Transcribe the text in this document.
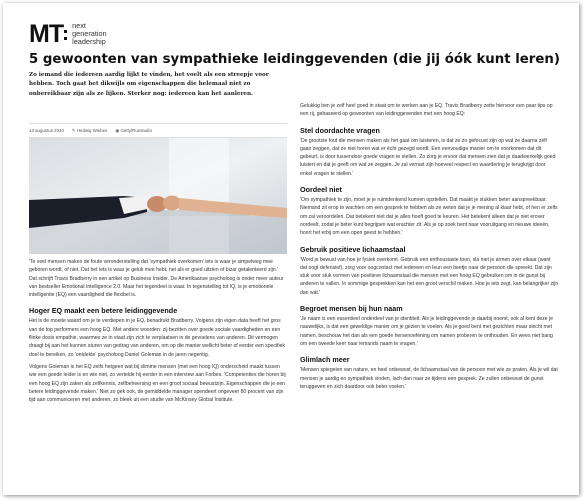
MT	next
generation
leadership
5 gewoonten van sympathieke leidinggevenden (die jij óók kunt leren)
Zo iemand die iedereen aardig lijkt te vinden, het voelt als een streepje voor hebben. Toch gaat het dikwijls om eigenschappen die helemaal niet zo onbereikbaar zijn als ze lijken. Sterker nog: iedereen kan het aanleren.
13 augustus 2020 ✎ Hedwig Wiebes ◉ Getty/Runstudio

'Te veel mensen maken de foute veronderstelling dat 'sympathiek overkomen' iets is waar je simpelweg mee geboren wordt, of niet. Dat het iets is waar je geluk mee hebt, net als er goed uitzien of bizar getalenteerd zijn.' Dat schrijft Travis Bradberry in een artikel op Business Insider. De Amerikaanse psycholoog is onder meer auteur van bestseller Emotional Intelligence 2.0. Maar het tegendeel is waar. In tegenstelling tot IQ, is je emotionele intelligentie (EQ) een vaardigheid die flexibel is.

Hoger EQ maakt een betere leidinggevende

Het is de moeite waard om je te verdiepen in je EQ, benadrukt Bradberry. Volgens zijn eigen data heeft het gros van de top performers een hoog EQ. Met andere woorden: zij bezitten over goede sociale vaardigheden en een flinke dosis empathie, waarmee ze in staat zijn zich te verplaatsen in de gevoelens van anderen. Dit vermogen draagt bij aan het kunnen sturen van gedrag van anderen, om op die manier wellicht beter of eerder een specifiek doel te bereiken, zo 'ontdekte' psycholoog Daniel Goleman in de jaren negentig.

Volgens Goleman is het EQ zelfs hetgeen wat bij slimme mensen (met een hoog IQ) onderscheid maakt tussen wie een goede leider is en wie niet, zo vertelde hij eerder in een interview aan Forbes. 'Competenties die horen bij een hoog EQ zijn zaken als zelfkennis, zelfbeheersing en een groot sociaal bewustzijn. Eigenschappen die je een betere leidinggevende maken.' Niet zo gek ook, de gemiddelde manager spendeert ongeveer 80 procent van zijn tijd aan communiceren met anderen, zo bleek uit een studie van McKinsey Global Institute.

Gelukkig ben je zelf heel goed in staat om te werken aan je EQ. Travis Bradberry zette hiervoor een paar tips op een rij, gebaseerd op gewoonten van leidinggevenden met een hoog EQ:

Stel doordachte vragen

'De grootste fout die mensen maken als het gaat om luisteren, is dat ze zo gefocust zijn op wat ze daarna zélf gaan zeggen, dat ze niet horen wat er écht gezegd wordt. Een eenvoudige manier om te voorkomen dat dit gebeurt, is door tussendoor goede vragen te stellen. Zo zorg je ervoor dat mensen zien dat je daadwerkelijk goed luistert en dat je geeft om wat ze zeggen. Je zal verrast zijn hoeveel respect en waardering je terugkrijgt door enkel vragen te stellen.'

Oordeel niet

'Om sympathiek te zijn, moet je je ruimdenkend kunnen opstellen. Dat maakt je stukken beter aanspreekbaar. Niemand zit erop te wachten om een gesprek te hebben als ze weten dat je je mening al klaar hebt, of hen er zelfs om zal veroordelen. Dat betekent niet dat je alles hoeft goed te keuren. Het betekent alleen dat je niet erover oordeelt, zodat je beter kunt begrijpen wat erachter zit. Als je op zoek bent naar vooruitgang en nieuwe ideeën, hoort het erbij om een open geest te hebben.'

Gebruik positieve lichaamstaal

'Word je bewust van hoe je fysiek overkomt. Gebruik een enthousiaste toon, sla niet je armen over elkaar (want dat oogt defensief), zorg voor oogcontact met iedereen en leun een beetje naar de persoon die spreekt. Dat zijn stuk voor stuk vormen van positieve lichaamstaal die mensen met een hoog EQ gebruiken om in de gunst bij anderen te vallen. In sommige gesprekken kan het een groot verschil maken. Hoe je iets zegt, kan belangrijker zijn dan wát.'

Begroet mensen bij hun naam

'Je naam is een essentieel onderdeel van je identiteit. Als je leidinggevende je daarbij noemt, ook al kent deze je nauwelijks, is dat een geweldige manier om je gezien te voelen. Als je goed bent met gezichten maar slecht met namen, beschouw het dan als een goede hersenoefening om namen proberen te onthouden. En wees niet bang om een tweede keer naar iemands naam te vragen.'

Glimlach meer

'Mensen spiegelen van nature, en heel onbewust, de lichaamstaal van de persoon met wie ze praten. Als je wil dat mensen je aardig en sympathiek vinden, lach dan naar ze tijdens een gesprek. Ze zullen onbewust de gunst teruggeven en zich daardoor ook beter voelen.'
